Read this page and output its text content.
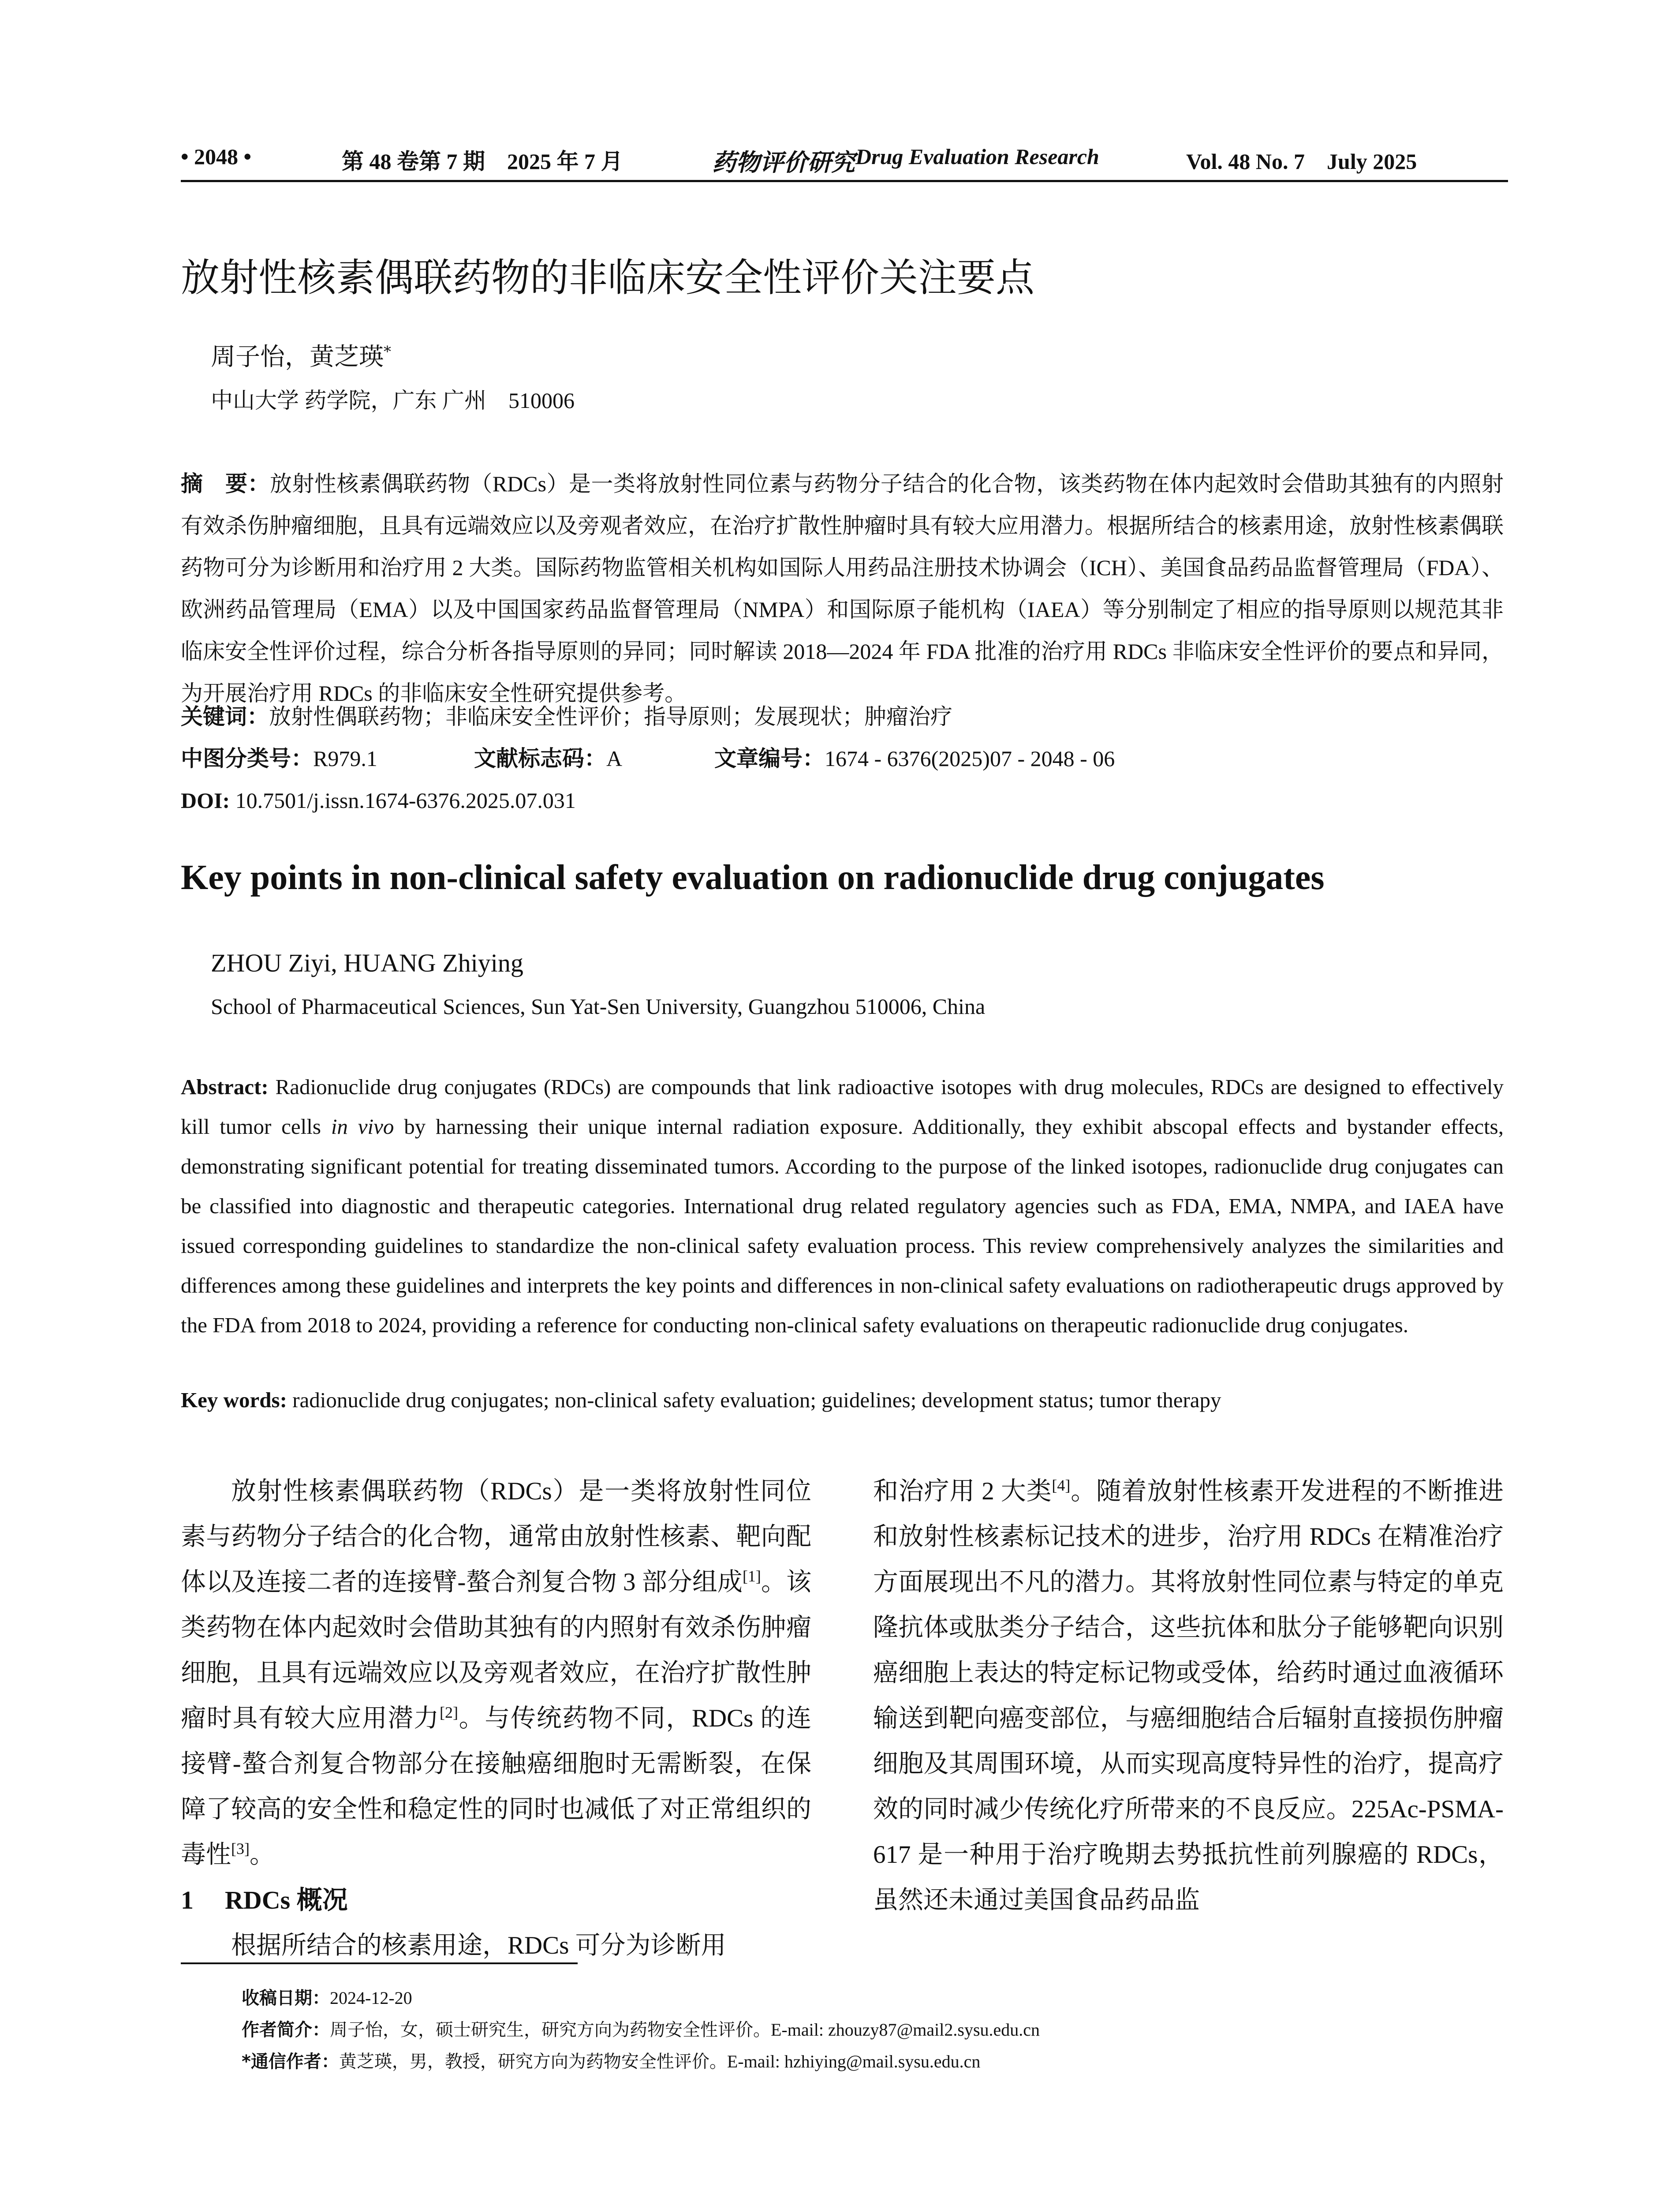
• 2048 •	第 48 卷第 7 期　2025 年 7 月	药物评价研究 Drug Evaluation Research	Vol. 48 No. 7　July 2025
放射性核素偶联药物的非临床安全性评价关注要点
周子怡，黄芝瑛*
中山大学 药学院，广东 广州　510006
摘　要：放射性核素偶联药物（RDCs）是一类将放射性同位素与药物分子结合的化合物，该类药物在体内起效时会借助其独有的内照射有效杀伤肿瘤细胞，且具有远端效应以及旁观者效应，在治疗扩散性肿瘤时具有较大应用潜力。根据所结合的核素用途，放射性核素偶联药物可分为诊断用和治疗用 2 大类。国际药物监管相关机构如国际人用药品注册技术协调会（ICH）、美国食品药品监督管理局（FDA）、欧洲药品管理局（EMA）以及中国国家药品监督管理局（NMPA）和国际原子能机构（IAEA）等分别制定了相应的指导原则以规范其非临床安全性评价过程，综合分析各指导原则的异同；同时解读 2018—2024 年 FDA 批准的治疗用 RDCs 非临床安全性评价的要点和异同，为开展治疗用 RDCs 的非临床安全性研究提供参考。
关键词：放射性偶联药物；非临床安全性评价；指导原则；发展现状；肿瘤治疗
中图分类号：R979.1	文献标志码：A	文章编号：1674 - 6376(2025)07 - 2048 - 06
DOI: 10.7501/j.issn.1674-6376.2025.07.031
Key points in non-clinical safety evaluation on radionuclide drug conjugates
ZHOU Ziyi, HUANG Zhiying
School of Pharmaceutical Sciences, Sun Yat-Sen University, Guangzhou 510006, China
Abstract: Radionuclide drug conjugates (RDCs) are compounds that link radioactive isotopes with drug molecules, RDCs are designed to effectively kill tumor cells in vivo by harnessing their unique internal radiation exposure. Additionally, they exhibit abscopal effects and bystander effects, demonstrating significant potential for treating disseminated tumors. According to the purpose of the linked isotopes, radionuclide drug conjugates can be classified into diagnostic and therapeutic categories. International drug related regulatory agencies such as FDA, EMA, NMPA, and IAEA have issued corresponding guidelines to standardize the non-clinical safety evaluation process. This review comprehensively analyzes the similarities and differences among these guidelines and interprets the key points and differences in non-clinical safety evaluations on radiotherapeutic drugs approved by the FDA from 2018 to 2024, providing a reference for conducting non-clinical safety evaluations on therapeutic radionuclide drug conjugates.
Key words: radionuclide drug conjugates; non-clinical safety evaluation; guidelines; development status; tumor therapy

放射性核素偶联药物（RDCs）是一类将放射性同位素与药物分子结合的化合物，通常由放射性核素、靶向配体以及连接二者的连接臂-螯合剂复合物 3 部分组成[1]。该类药物在体内起效时会借助其独有的内照射有效杀伤肿瘤细胞，且具有远端效应以及旁观者效应，在治疗扩散性肿瘤时具有较大应用潜力[2]。与传统药物不同，RDCs 的连接臂-螯合剂复合物部分在接触癌细胞时无需断裂，在保障了较高的安全性和稳定性的同时也减低了对正常组织的毒性[3]。

1 RDCs 概况

根据所结合的核素用途，RDCs 可分为诊断用

和治疗用 2 大类[4]。随着放射性核素开发进程的不断推进和放射性核素标记技术的进步，治疗用 RDCs 在精准治疗方面展现出不凡的潜力。其将放射性同位素与特定的单克隆抗体或肽类分子结合，这些抗体和肽分子能够靶向识别癌细胞上表达的特定标记物或受体，给药时通过血液循环输送到靶向癌变部位，与癌细胞结合后辐射直接损伤肿瘤细胞及其周围环境，从而实现高度特异性的治疗，提高疗效的同时减少传统化疗所带来的不良反应。225Ac-PSMA-617 是一种用于治疗晚期去势抵抗性前列腺癌的 RDCs，虽然还未通过美国食品药品监

收稿日期：2024-12-20
作者简介：周子怡，女，硕士研究生，研究方向为药物安全性评价。E-mail: zhouzy87@mail2.sysu.edu.cn
*通信作者：黄芝瑛，男，教授，研究方向为药物安全性评价。E-mail: hzhiying@mail.sysu.edu.cn
